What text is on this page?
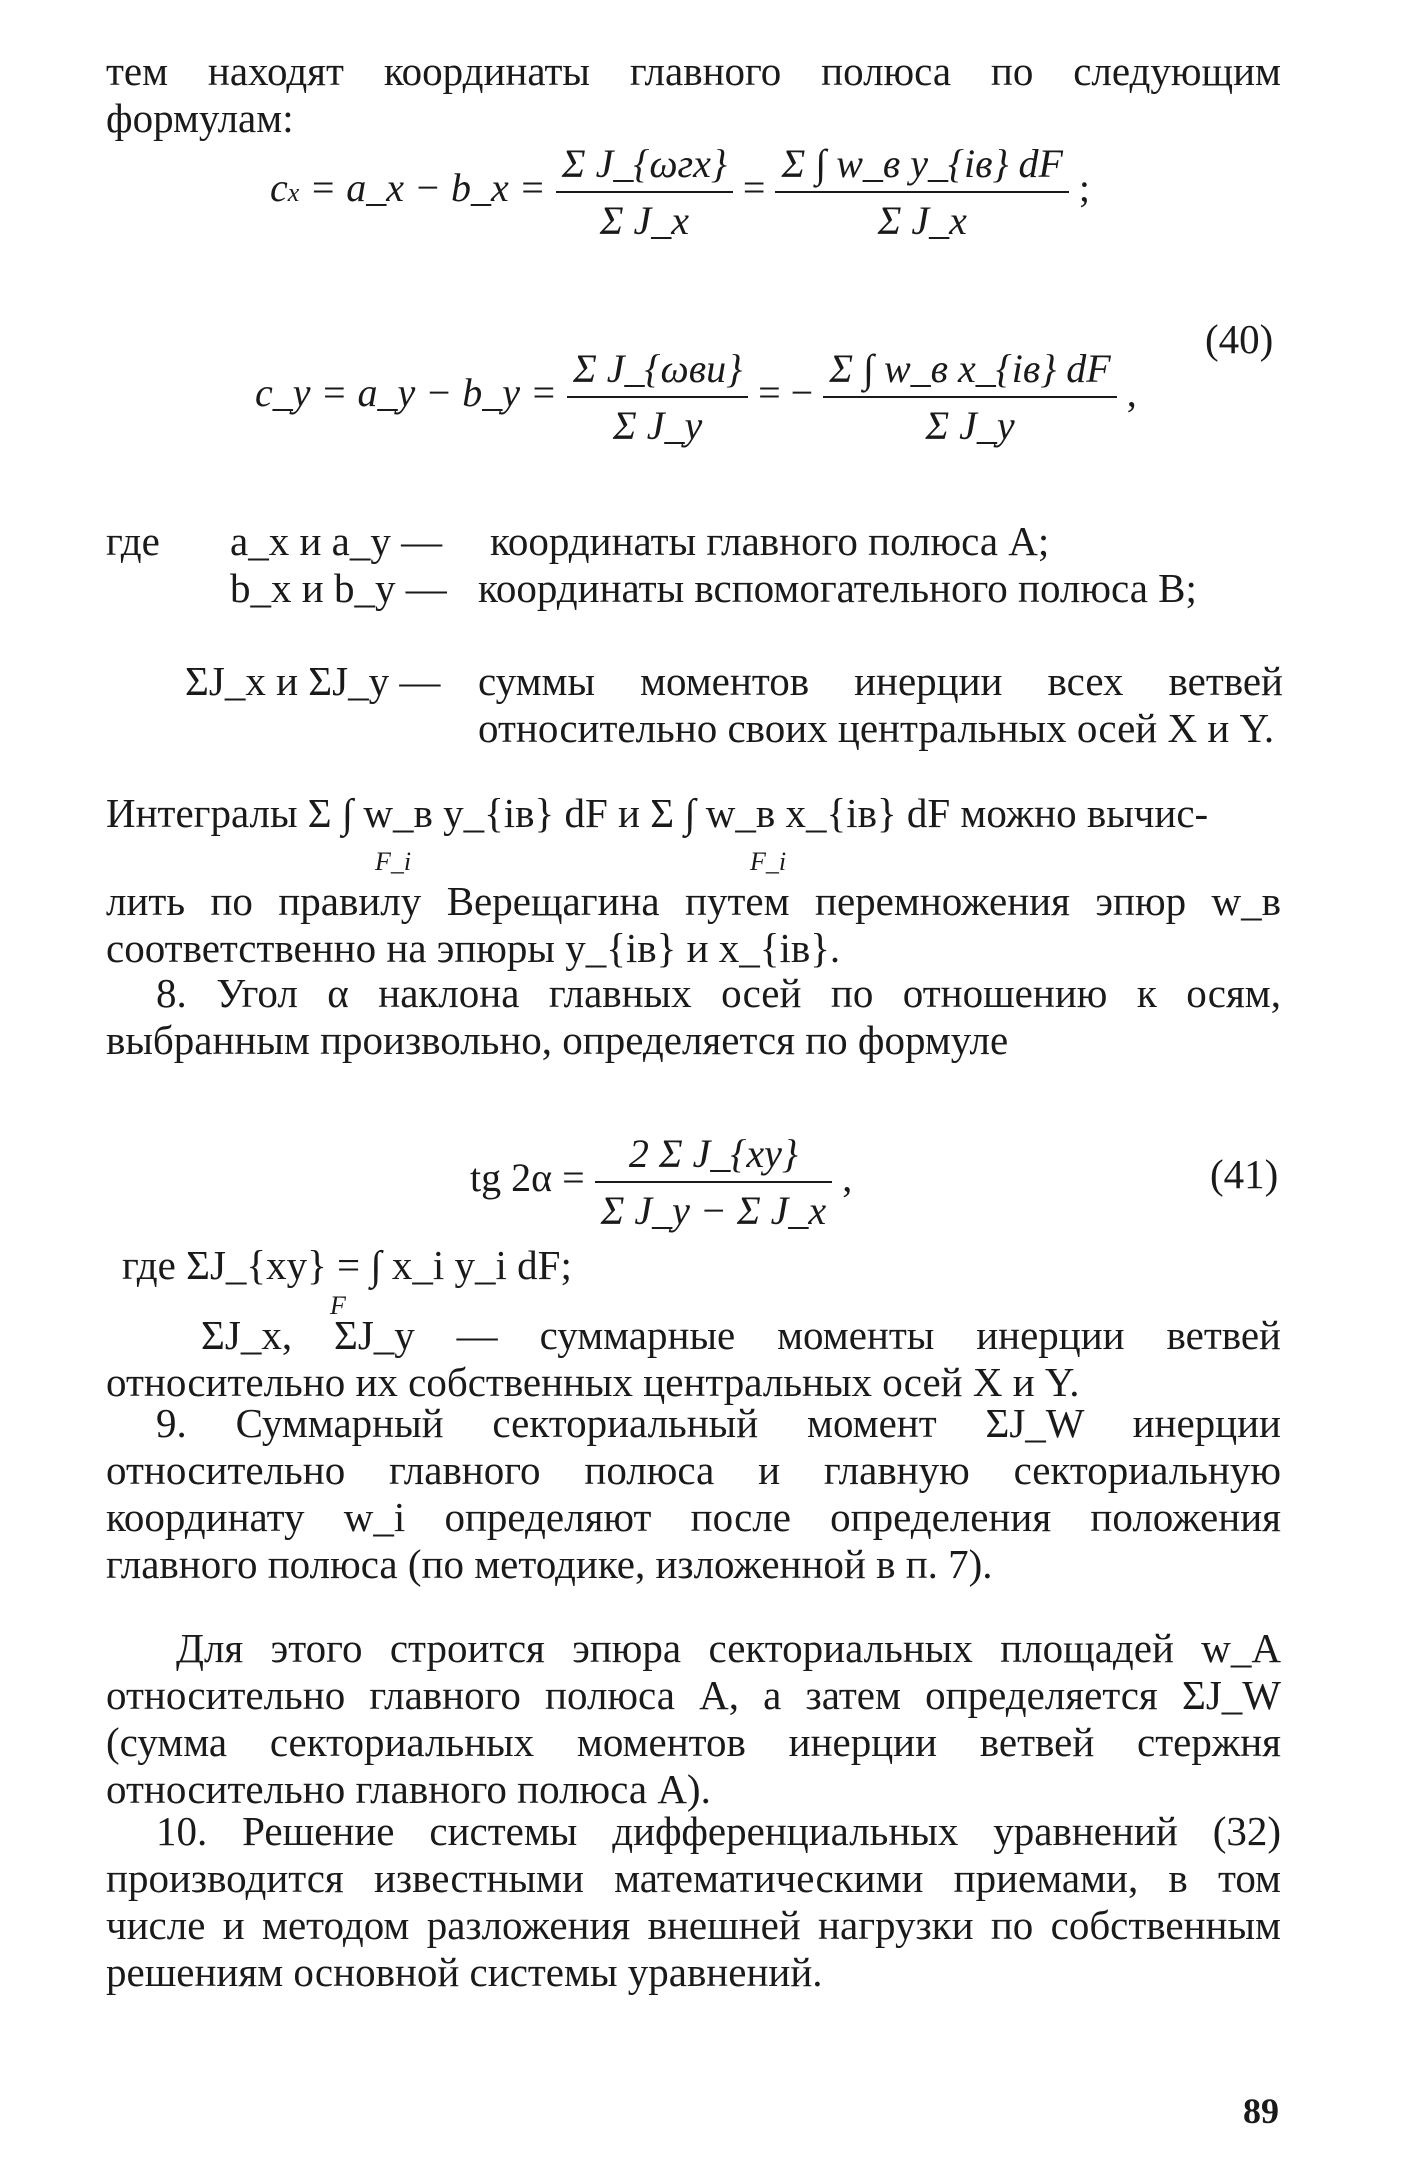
тем находят координаты главного полюса по следующим формулам:
cx = a_x − b_x = $\frac{\text{Σ J\_\{ωгx\}}}{\text{Σ J\_x}} = \frac{\text{Σ ∫ w\_в y\_\{iв\} dF}}{\text{Σ J\_x}}$ ;
(40)
c_y = a_y − b_y = $\frac{\text{Σ J\_\{ωвu\}}}{\text{Σ J\_y}}$ = − $\frac{\text{Σ ∫ w\_в x\_\{iв\} dF}}{\text{Σ J\_y}}$ ,
где a_x и a_y — координаты главного полюса A;
b_x и b_y — координаты вспомогательного полюса B;
ΣJ_x и ΣJ_y — суммы моментов инерции всех ветвей относительно своих центральных осей X и Y.
Интегралы Σ ∫ w_в y_{iв} dF и Σ ∫ w_в x_{iв} dF можно вычис-
F_i	F_i
лить по правилу Верещагина путем перемножения эпюр w_в соответственно на эпюры y_{iв} и x_{iв}.
8. Угол α наклона главных осей по отношению к осям, выбранным произвольно, определяется по формуле
tg $2\alpha = \frac{\text{2 Σ J\_\{xy\}}}{\text{Σ J\_y − Σ J\_x}}$ ,	(41)
где ΣJ_{xy} = ∫ x_i y_i dF;
F
ΣJ_x, ΣJ_y — суммарные моменты инерции ветвей относительно их собственных центральных осей X и Y.
9. Суммарный секториальный момент ΣJ_W инерции относительно главного полюса и главную секториальную координату w_i определяют после определения положения главного полюса (по методике, изложенной в п. 7).
Для этого строится эпюра секториальных площадей w_A относительно главного полюса A, а затем определяется ΣJ_W (сумма секториальных моментов инерции ветвей стержня относительно главного полюса A).
10. Решение системы дифференциальных уравнений (32) производится известными математическими приемами, в том числе и методом разложения внешней нагрузки по собственным решениям основной системы уравнений.
89
